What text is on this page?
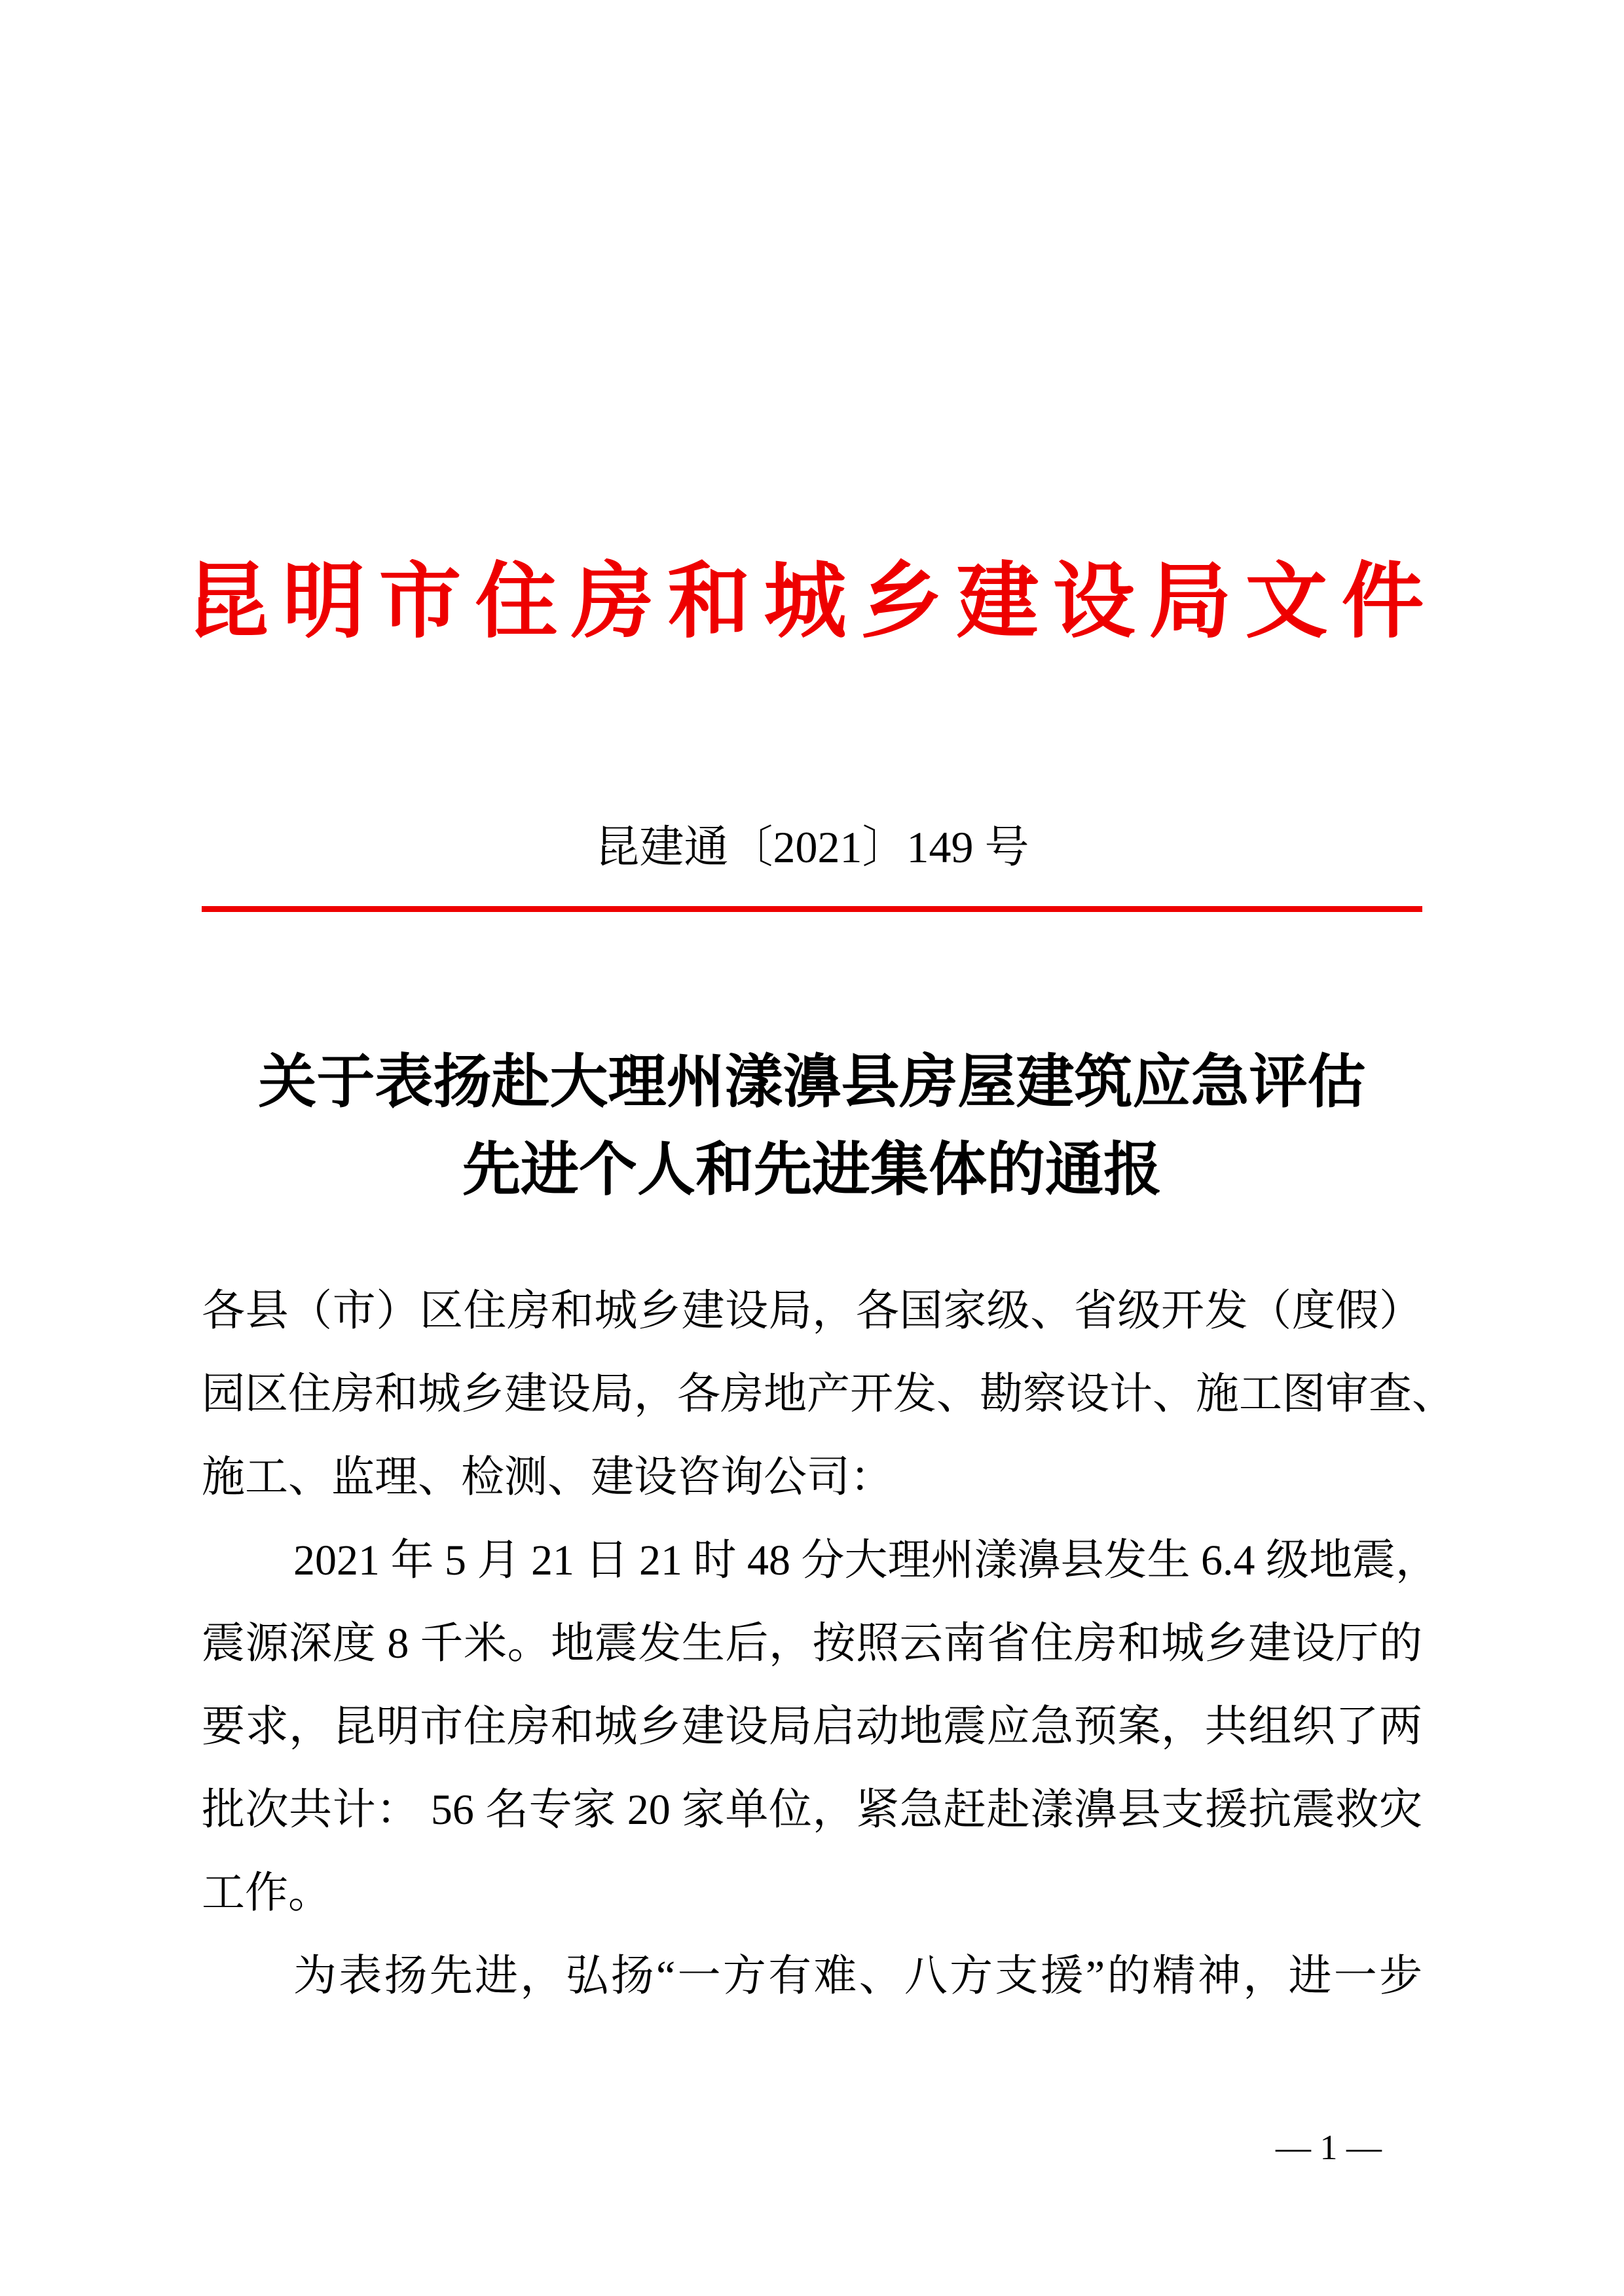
昆明市住房和城乡建设局文件
昆建通〔2021〕149 号
关于表扬赴大理州漾濞县房屋建筑应急评估
先进个人和先进集体的通报
各县（市）区住房和城乡建设局，各国家级、省级开发（度假）
园区住房和城乡建设局，各房地产开发、勘察设计、施工图审查、
施工、监理、检测、建设咨询公司：
2021 年 5 月 21 日 21 时 48 分大理州漾濞县发生 6.4 级地震，
震源深度 8 千米。地震发生后，按照云南省住房和城乡建设厅的
要求，昆明市住房和城乡建设局启动地震应急预案，共组织了两
批次共计： 56 名专家 20 家单位，紧急赶赴漾濞县支援抗震救灾
工作。
为表扬先进，弘扬“一方有难、八方支援”的精神，进一步
— 1 —
